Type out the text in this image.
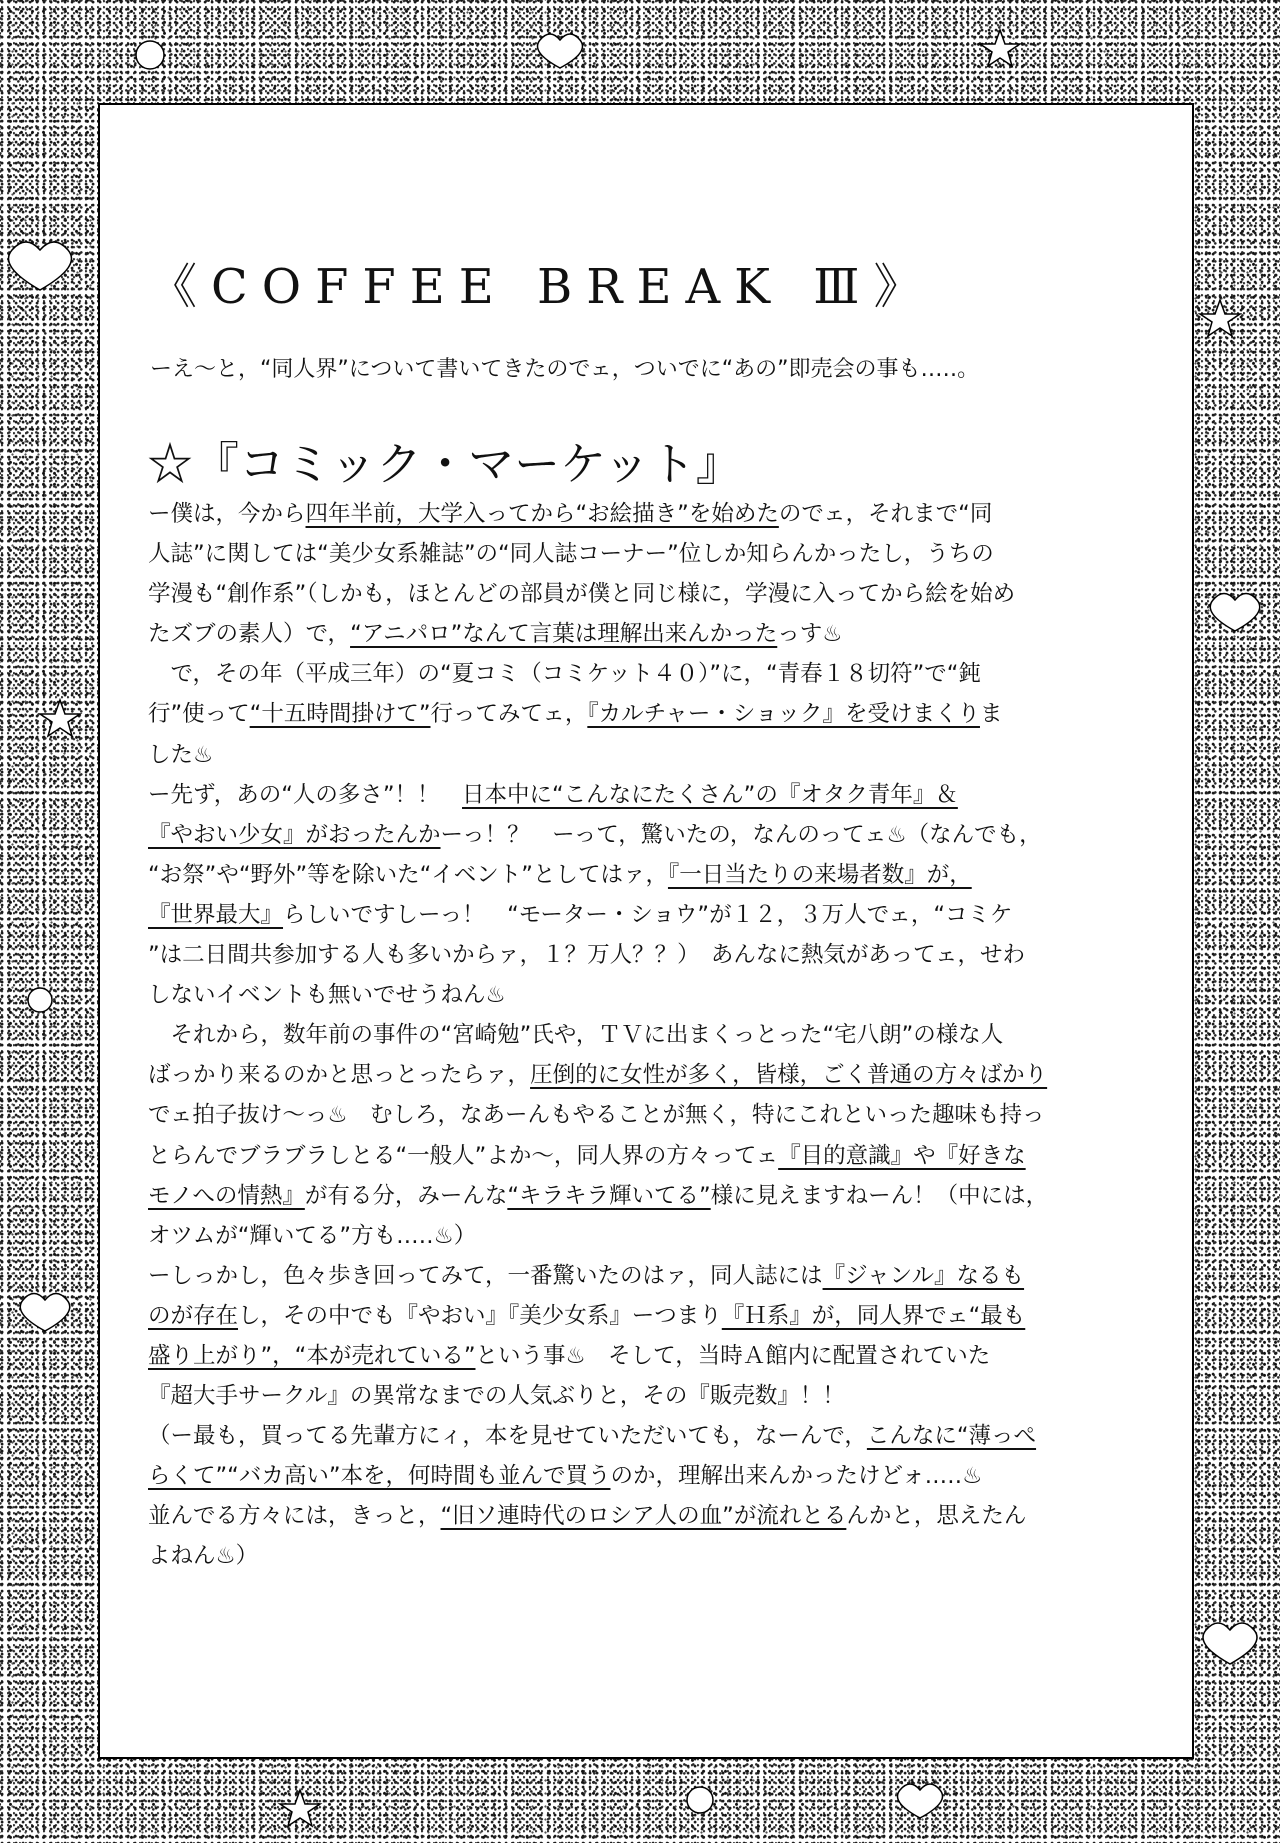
《COFFEE BREAK Ⅲ》
ーえ～と，“同人界”について書いてきたのでェ，ついでに“あの”即売会の事も…‥。
☆『コミック・マーケット』
ー僕は，今から四年半前，大学入ってから“お絵描き”を始めたのでェ，それまで“同
人誌”に関しては“美少女系雑誌”の“同人誌コーナー”位しか知らんかったし，うちの
学漫も“創作系”（しかも，ほとんどの部員が僕と同じ様に，学漫に入ってから絵を始め
たズブの素人）で，“アニパロ”なんて言葉は理解出来んかったっす♨
　で，その年（平成三年）の“夏コミ（コミケット４０）”に，“青春１８切符”で“鈍
行”使って“十五時間掛けて”行ってみてェ，『カルチャー・ショック』を受けまくりま
した♨
ー先ず，あの“人の多さ”！！　日本中に“こんなにたくさん”の『オタク青年』＆
『やおい少女』がおったんかーっ！？　ーって，驚いたの，なんのってェ♨（なんでも，
“お祭”や“野外”等を除いた“イベント”としてはァ，『一日当たりの来場者数』が，
『世界最大』らしいですしーっ！　“モーター・ショウ”が１２，３万人でェ，“コミケ
”は二日間共参加する人も多いからァ，１？万人？？）　あんなに熱気があってェ，せわ
しないイベントも無いでせうねん♨
　それから，数年前の事件の“宮崎勉”氏や，ＴＶに出まくっとった“宅八朗”の様な人
ばっかり来るのかと思っとったらァ，圧倒的に女性が多く，皆様，ごく普通の方々ばかり
でェ拍子抜け～っ♨　むしろ，なあーんもやることが無く，特にこれといった趣味も持っ
とらんでブラブラしとる“一般人”よか～，同人界の方々ってェ『目的意識』や『好きな
モノへの情熱』が有る分，みーんな“キラキラ輝いてる”様に見えますねーん！（中には，
オツムが“輝いてる”方も…‥♨）
ーしっかし，色々歩き回ってみて，一番驚いたのはァ，同人誌には『ジャンル』なるも
のが存在し，その中でも『やおい』『美少女系』ーつまり『Ｈ系』が，同人界でェ“最も
盛り上がり”，“本が売れている”という事♨　そして，当時Ａ館内に配置されていた
『超大手サークル』の異常なまでの人気ぶりと，その『販売数』！！
（ー最も，買ってる先輩方にィ，本を見せていただいても，なーんで，こんなに“薄っぺ
らくて”“バカ高い”本を，何時間も並んで買うのか，理解出来んかったけどォ…‥♨
並んでる方々には，きっと，“旧ソ連時代のロシア人の血”が流れとるんかと，思えたん
よねん♨）
